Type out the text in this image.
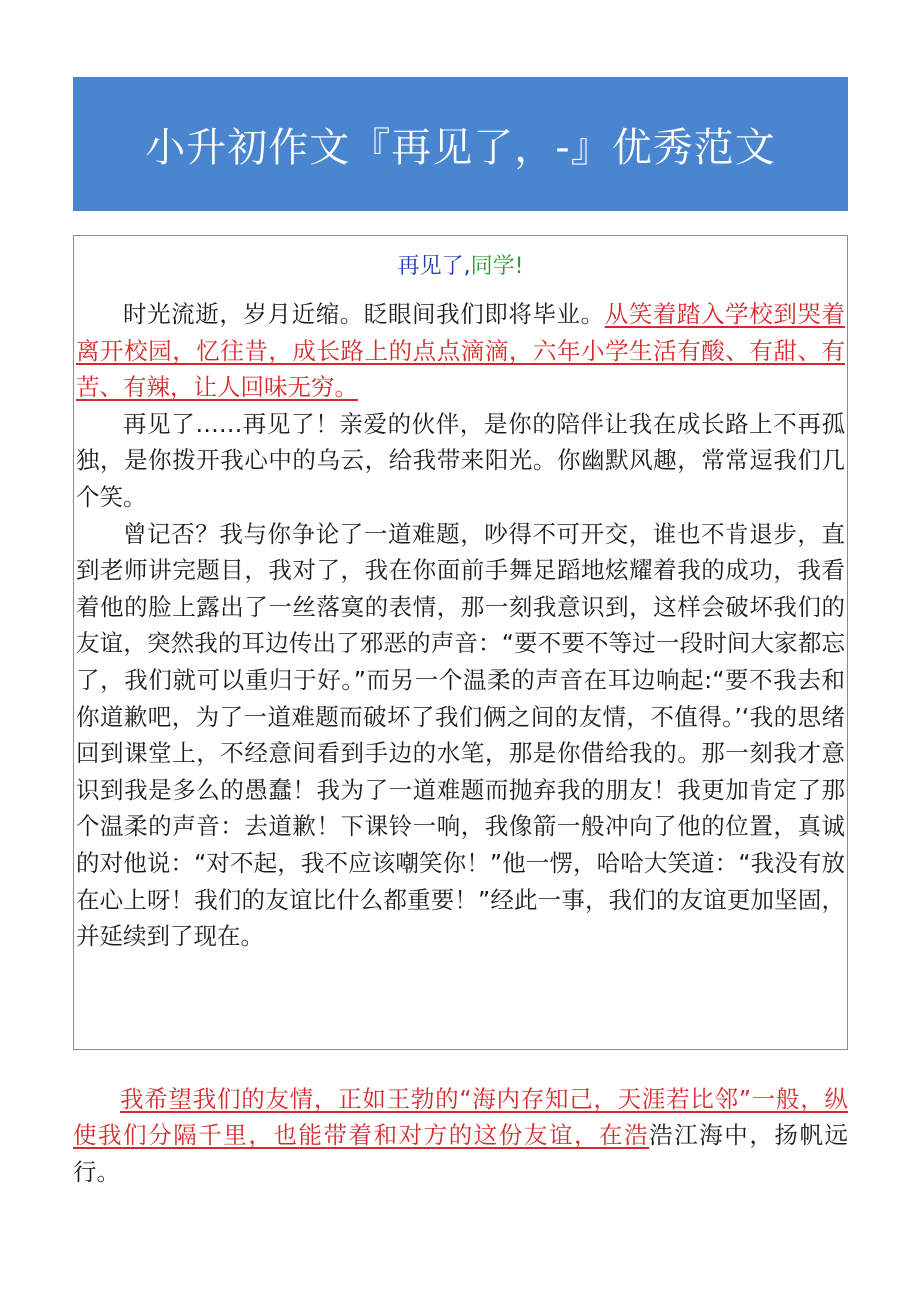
小升初作文『再见了，-』优秀范文
再见了,同学!

时光流逝，岁月近缩。眨眼间我们即将毕业。从笑着踏入学校到哭着离开校园，忆往昔，成长路上的点点滴滴，六年小学生活有酸、有甜、有苦、有辣，让人回味无穷。

再见了……再见了！亲爱的伙伴，是你的陪伴让我在成长路上不再孤独，是你拨开我心中的乌云，给我带来阳光。你幽默风趣，常常逗我们几个笑。

曾记否？我与你争论了一道难题，吵得不可开交，谁也不肯退步，直到老师讲完题目，我对了，我在你面前手舞足蹈地炫耀着我的成功，我看着他的脸上露出了一丝落寞的表情，那一刻我意识到，这样会破坏我们的友谊，突然我的耳边传出了邪恶的声音：“要不要不等过一段时间大家都忘了，我们就可以重归于好。”而另一个温柔的声音在耳边响起:“要不我去和你道歉吧，为了一道难题而破坏了我们俩之间的友情，不值得。’‘我的思绪回到课堂上，不经意间看到手边的水笔，那是你借给我的。那一刻我才意识到我是多么的愚蠢！我为了一道难题而抛弃我的朋友！我更加肯定了那个温柔的声音：去道歉！下课铃一响，我像箭一般冲向了他的位置，真诚的对他说：“对不起，我不应该嘲笑你！”他一愣，哈哈大笑道：“我没有放在心上呀！我们的友谊比什么都重要！”经此一事，我们的友谊更加坚固，并延续到了现在。

我希望我们的友情，正如王勃的“海内存知己，天涯若比邻”一般，纵使我们分隔千里，也能带着和对方的这份友谊，在浩浩江海中，扬帆远行。
